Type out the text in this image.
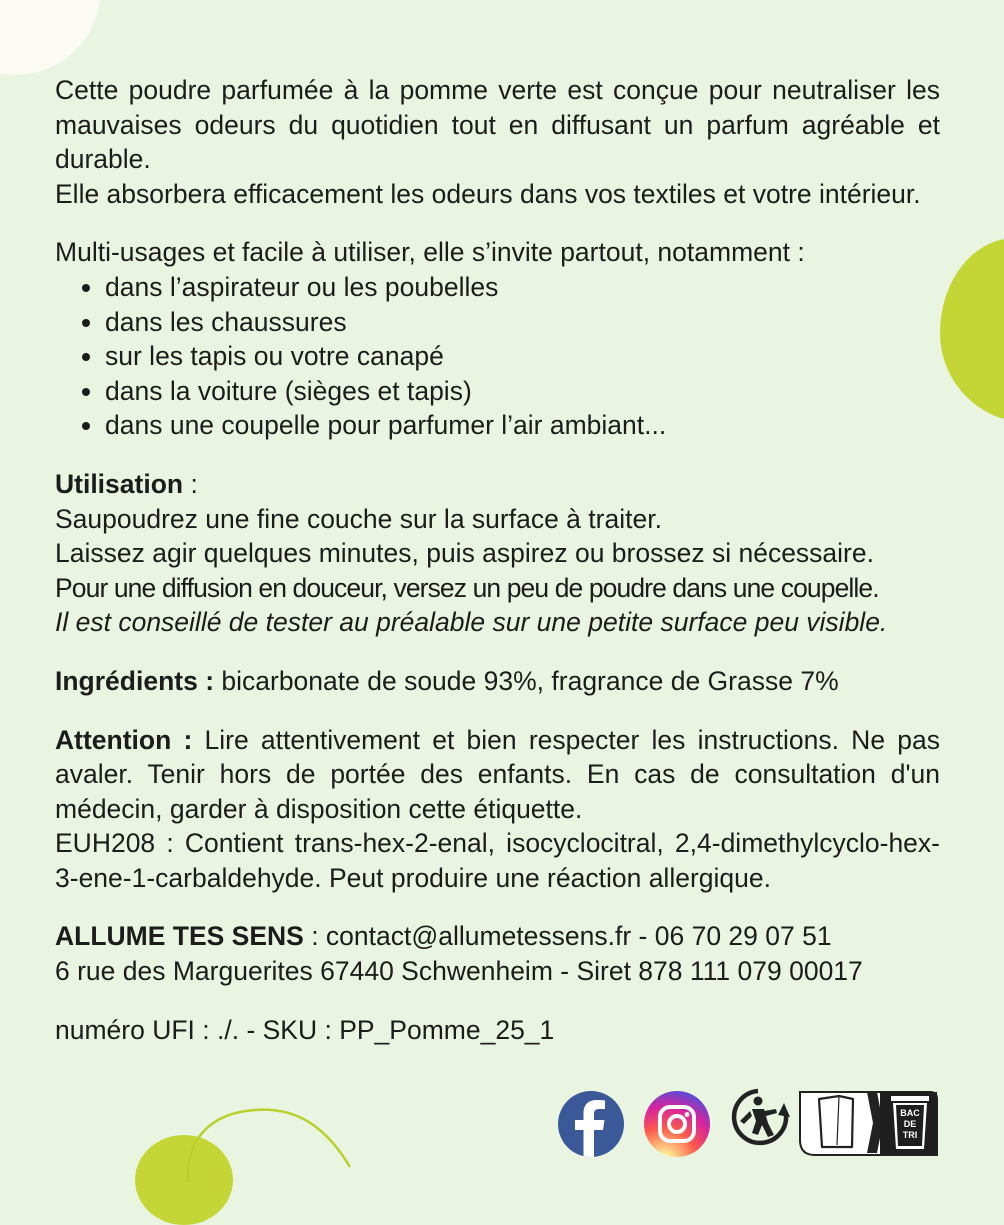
Cette poudre parfumée à la pomme verte est conçue pour neutraliser les mauvaises odeurs du quotidien tout en diffusant un parfum agréable et durable.

Elle absorbera efficacement les odeurs dans vos textiles et votre intérieur.

Multi-usages et facile à utiliser, elle s’invite partout, notamment :

• dans l’aspirateur ou les poubelles
• dans les chaussures
• sur les tapis ou votre canapé
• dans la voiture (sièges et tapis)
• dans une coupelle pour parfumer l’air ambiant...

Utilisation :

Saupoudrez une fine couche sur la surface à traiter.

Laissez agir quelques minutes, puis aspirez ou brossez si nécessaire.

Pour une diffusion en douceur, versez un peu de poudre dans une coupelle.

Il est conseillé de tester au préalable sur une petite surface peu visible.

Ingrédients : bicarbonate de soude 93%, fragrance de Grasse 7%

Attention : Lire attentivement et bien respecter les instructions. Ne pas avaler. Tenir hors de portée des enfants. En cas de consultation d'un médecin, garder à disposition cette étiquette.

EUH208 : Contient trans-hex-2-enal, isocyclocitral, 2,4-dimethylcyclo-hex-3-ene-1-carbaldehyde. Peut produire une réaction allergique.

ALLUME TES SENS : contact@allumetessens.fr - 06 70 29 07 51

6 rue des Marguerites 67440 Schwenheim - Siret 878 111 079 00017

numéro UFI : ./. - SKU : PP_Pomme_25_1

BAC
DE
TRI
